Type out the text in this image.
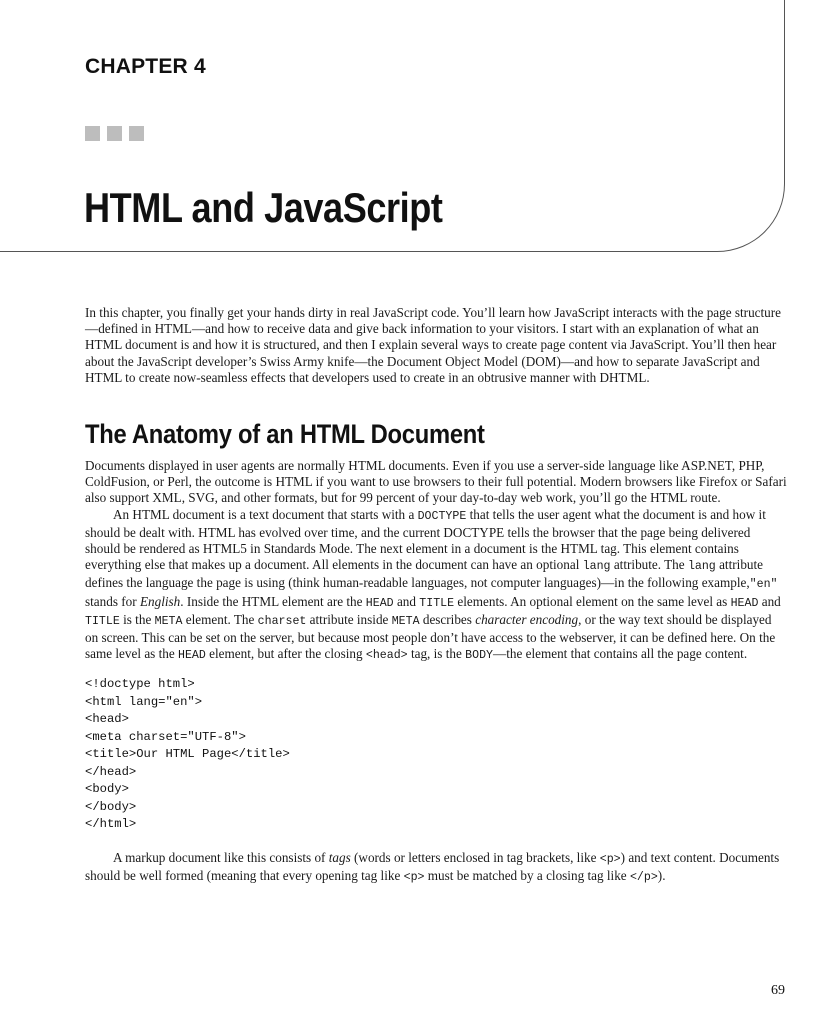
CHAPTER 4
HTML and JavaScript

In this chapter, you finally get your hands dirty in real JavaScript code. You’ll learn how JavaScript interacts with the page structure—defined in HTML—and how to receive data and give back information to your visitors. I start with an explanation of what an HTML document is and how it is structured, and then I explain several ways to create page content via JavaScript. You’ll then hear about the JavaScript developer’s Swiss Army knife—the Document Object Model (DOM)—and how to separate JavaScript and HTML to create now-seamless effects that developers used to create in an obtrusive manner with DHTML.

The Anatomy of an HTML Document

Documents displayed in user agents are normally HTML documents. Even if you use a server-side language like ASP.NET, PHP, ColdFusion, or Perl, the outcome is HTML if you want to use browsers to their full potential. Modern browsers like Firefox or Safari also support XML, SVG, and other formats, but for 99 percent of your day-to-day web work, you’ll go the HTML route.

An HTML document is a text document that starts with a DOCTYPE that tells the user agent what the document is and how it should be dealt with. HTML has evolved over time, and the current DOCTYPE tells the browser that the page being delivered should be rendered as HTML5 in Standards Mode. The next element in a document is the HTML tag. This element contains everything else that makes up a document. All elements in the document can have an optional lang attribute. The lang attribute defines the language the page is using (think human-readable languages, not computer languages)—in the following example,"en" stands for English. Inside the HTML element are the HEAD and TITLE elements. An optional element on the same level as HEAD and TITLE is the META element. The charset attribute inside META describes character encoding, or the way text should be displayed on screen. This can be set on the server, but because most people don’t have access to the webserver, it can be defined here. On the same level as the HEAD element, but after the closing <head> tag, is the BODY—the element that contains all the page content.

<!doctype html>
<html lang="en">
<head>
<meta charset="UTF-8">
<title>Our HTML Page</title>
</head>
<body>
</body>
</html>

A markup document like this consists of tags (words or letters enclosed in tag brackets, like <p>) and text content. Documents should be well formed (meaning that every opening tag like <p> must be matched by a closing tag like </p>).

69
